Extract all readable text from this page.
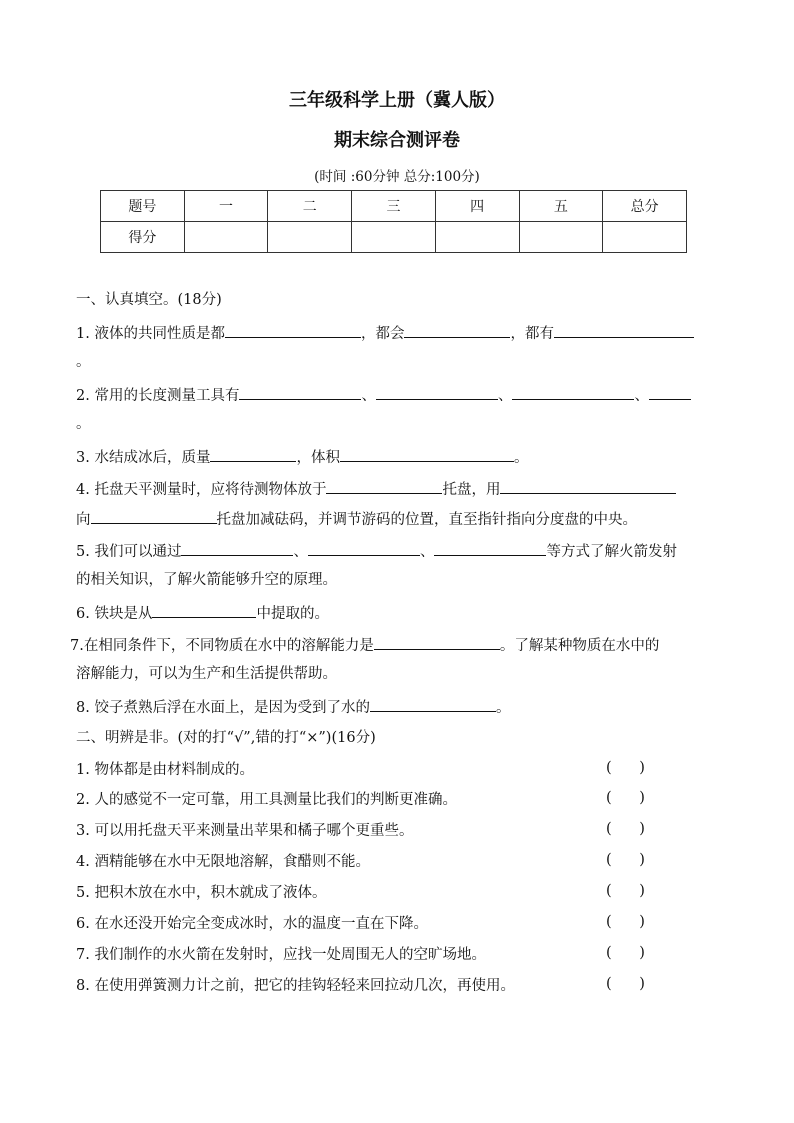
三年级科学上册（冀人版）
期末综合测评卷
(时间 :60分钟 总分:100分)
题号	一	二	三	四	五	总分
得分						
一、认真填空。(18分)
1. 液体的共同性质是都	，都会	，都有
。
2. 常用的长度测量工具有	、	、	、
。
3. 水结成冰后，质量	，体积	。
4. 托盘天平测量时，应将待测物体放于	托盘，用
向	托盘加减砝码，并调节游码的位置，直至指针指向分度盘的中央。
5. 我们可以通过	、	、	等方式了解火箭发射
的相关知识，了解火箭能够升空的原理。
6. 铁块是从	中提取的。
7.在相同条件下，不同物质在水中的溶解能力是	。了解某种物质在水中的
溶解能力，可以为生产和生活提供帮助。
8. 饺子煮熟后浮在水面上，是因为受到了水的	。
二、明辨是非。(对的打“√”,错的打“×”)(16分)
1. 物体都是由材料制成的。	(      )
2. 人的感觉不一定可靠，用工具测量比我们的判断更准确。	(      )
3. 可以用托盘天平来测量出苹果和橘子哪个更重些。	(      )
4. 酒精能够在水中无限地溶解，食醋则不能。	(      )
5. 把积木放在水中，积木就成了液体。	(      )
6. 在水还没开始完全变成冰时，水的温度一直在下降。	(      )
7. 我们制作的水火箭在发射时，应找一处周围无人的空旷场地。	(      )
8. 在使用弹簧测力计之前，把它的挂钩轻轻来回拉动几次，再使用。	(      )
